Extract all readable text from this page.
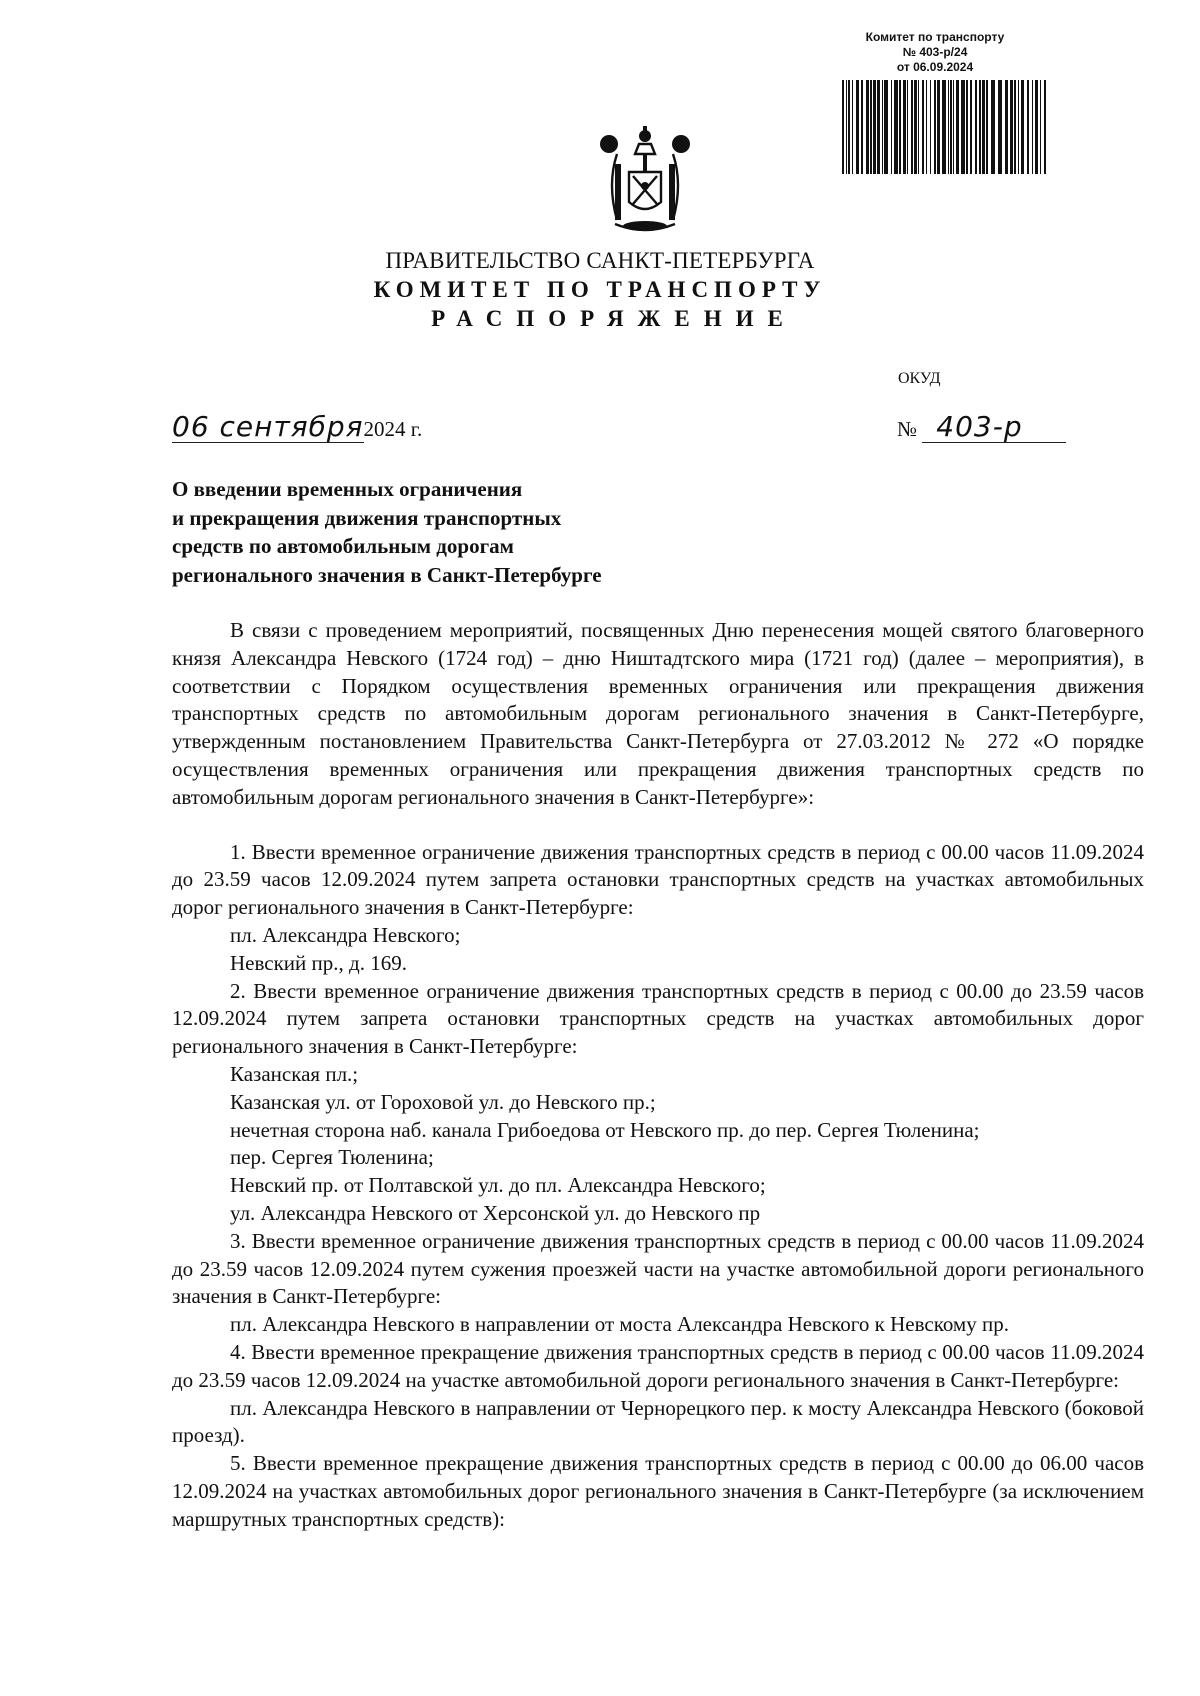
Комитет по транспорту
№ 403-р/24
от 06.09.2024
ПРАВИТЕЛЬСТВО САНКТ-ПЕТЕРБУРГА
КОМИТЕТ ПО ТРАНСПОРТУ
РАСПОРЯЖЕНИЕ
ОКУД
06 сентября2024 г.	№ 403-р
О введении временных ограничения
и прекращения движения транспортных
средств по автомобильным дорогам
регионального значения в Санкт-Петербурге

В связи с проведением мероприятий, посвященных Дню перенесения мощей святого благоверного князя Александра Невского (1724 год) – дню Ништадтского мира (1721 год) (далее – мероприятия), в соответствии с Порядком осуществления временных ограничения или прекращения движения транспортных средств по автомобильным дорогам регионального значения в Санкт-Петербурге, утвержденным постановлением Правительства Санкт-Петербурга от 27.03.2012 № 272 «О порядке осуществления временных ограничения или прекращения движения транспортных средств по автомобильным дорогам регионального значения в Санкт-Петербурге»:

1. Ввести временное ограничение движения транспортных средств в период с 00.00 часов 11.09.2024 до 23.59 часов 12.09.2024 путем запрета остановки транспортных средств на участках автомобильных дорог регионального значения в Санкт-Петербурге:

пл. Александра Невского;

Невский пр., д. 169.

2. Ввести временное ограничение движения транспортных средств в период с 00.00 до 23.59 часов 12.09.2024 путем запрета остановки транспортных средств на участках автомобильных дорог регионального значения в Санкт-Петербурге:

Казанская пл.;

Казанская ул. от Гороховой ул. до Невского пр.;

нечетная сторона наб. канала Грибоедова от Невского пр. до пер. Сергея Тюленина;

пер. Сергея Тюленина;

Невский пр. от Полтавской ул. до пл. Александра Невского;

ул. Александра Невского от Херсонской ул. до Невского пр

3. Ввести временное ограничение движения транспортных средств в период с 00.00 часов 11.09.2024 до 23.59 часов 12.09.2024 путем сужения проезжей части на участке автомобильной дороги регионального значения в Санкт-Петербурге:

пл. Александра Невского в направлении от моста Александра Невского к Невскому пр.

4. Ввести временное прекращение движения транспортных средств в период с 00.00 часов 11.09.2024 до 23.59 часов 12.09.2024 на участке автомобильной дороги регионального значения в Санкт-Петербурге:

пл. Александра Невского в направлении от Чернорецкого пер. к мосту Александра Невского (боковой проезд).

5. Ввести временное прекращение движения транспортных средств в период с 00.00 до 06.00 часов 12.09.2024 на участках автомобильных дорог регионального значения в Санкт-Петербурге (за исключением маршрутных транспортных средств):
